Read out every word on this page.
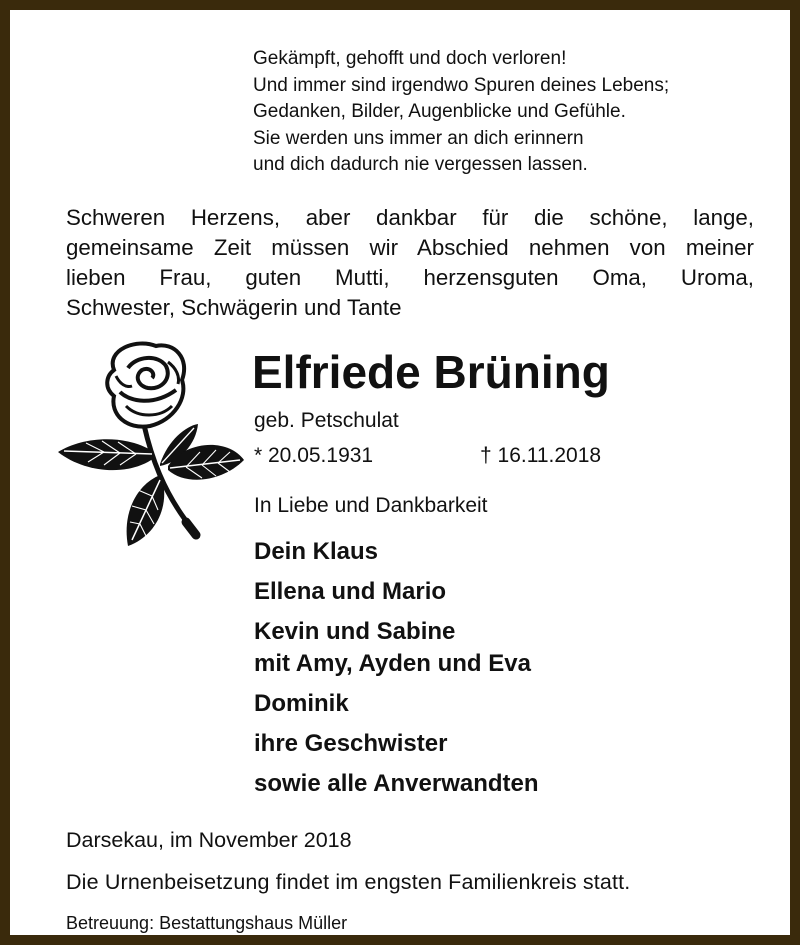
Gekämpft, gehofft und doch verloren!
Und immer sind irgendwo Spuren deines Lebens;
Gedanken, Bilder, Augenblicke und Gefühle.
Sie werden uns immer an dich erinnern
und dich dadurch nie vergessen lassen.
Schweren Herzens, aber dankbar für die schöne, lange,
gemeinsame Zeit müssen wir Abschied nehmen von meiner
lieben Frau, guten Mutti, herzensguten Oma, Uroma,
Schwester, Schwägerin und Tante
Elfriede Brüning
geb. Petschulat
* 20.05.1931	† 16.11.2018
In Liebe und Dankbarkeit
Dein Klaus
Ellena und Mario
Kevin und Sabine
mit Amy, Ayden und Eva
Dominik
ihre Geschwister
sowie alle Anverwandten
Darsekau, im November 2018
Die Urnenbeisetzung findet im engsten Familienkreis statt.
Betreuung: Bestattungshaus Müller
